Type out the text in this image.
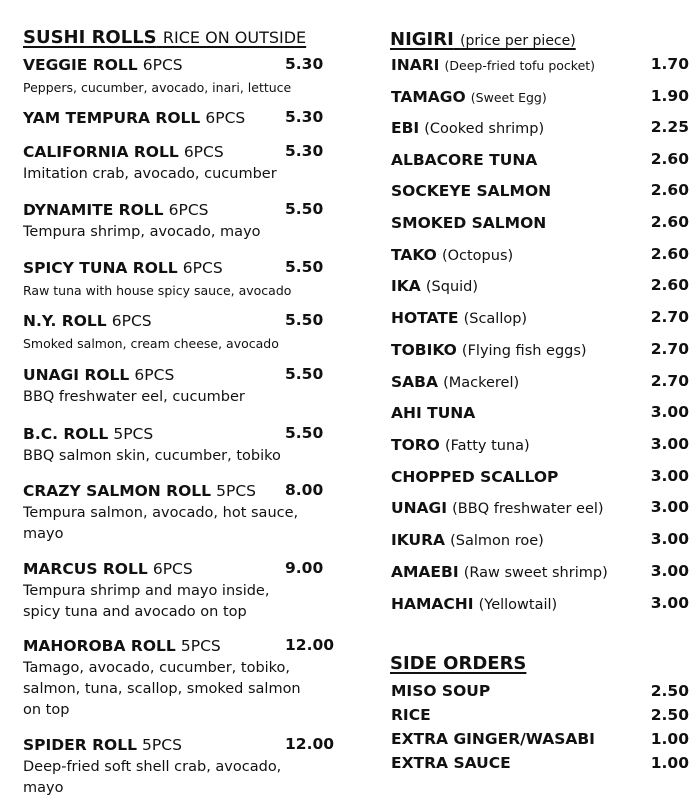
SUSHI ROLLS RICE ON OUTSIDE
VEGGIE ROLL 6PCS	5.30
Peppers, cucumber, avocado, inari, lettuce
YAM TEMPURA ROLL 6PCS	5.30
CALIFORNIA ROLL 6PCS	5.30
Imitation crab, avocado, cucumber
DYNAMITE ROLL 6PCS	5.50
Tempura shrimp, avocado, mayo
SPICY TUNA ROLL 6PCS	5.50
Raw tuna with house spicy sauce, avocado
N.Y. ROLL 6PCS	5.50
Smoked salmon, cream cheese, avocado
UNAGI ROLL 6PCS	5.50
BBQ freshwater eel, cucumber
B.C. ROLL 5PCS	5.50
BBQ salmon skin, cucumber, tobiko
CRAZY SALMON ROLL 5PCS 8.00
Tempura salmon, avocado, hot sauce,
mayo
MARCUS ROLL 6PCS	9.00
Tempura shrimp and mayo inside,
spicy tuna and avocado on top
MAHOROBA ROLL 5PCS	12.00
Tamago, avocado, cucumber, tobiko,
salmon, tuna, scallop, smoked salmon
on top
SPIDER ROLL 5PCS	12.00
Deep-fried soft shell crab, avocado,
mayo
NIGIRI (price per piece)
INARI (Deep-fried tofu pocket)	1.70
TAMAGO (Sweet Egg)	1.90
EBI (Cooked shrimp)	2.25
ALBACORE TUNA	2.60
SOCKEYE SALMON	2.60
SMOKED SALMON	2.60
TAKO (Octopus)	2.60
IKA (Squid)	2.60
HOTATE (Scallop)	2.70
TOBIKO (Flying fish eggs)	2.70
SABA (Mackerel)	2.70
AHI TUNA	3.00
TORO (Fatty tuna)	3.00
CHOPPED SCALLOP	3.00
UNAGI (BBQ freshwater eel)	3.00
IKURA (Salmon roe)	3.00
AMAEBI (Raw sweet shrimp)	3.00
HAMACHI (Yellowtail)	3.00
SIDE ORDERS
MISO SOUP	2.50
RICE	2.50
EXTRA GINGER/WASABI	1.00
EXTRA SAUCE	1.00
